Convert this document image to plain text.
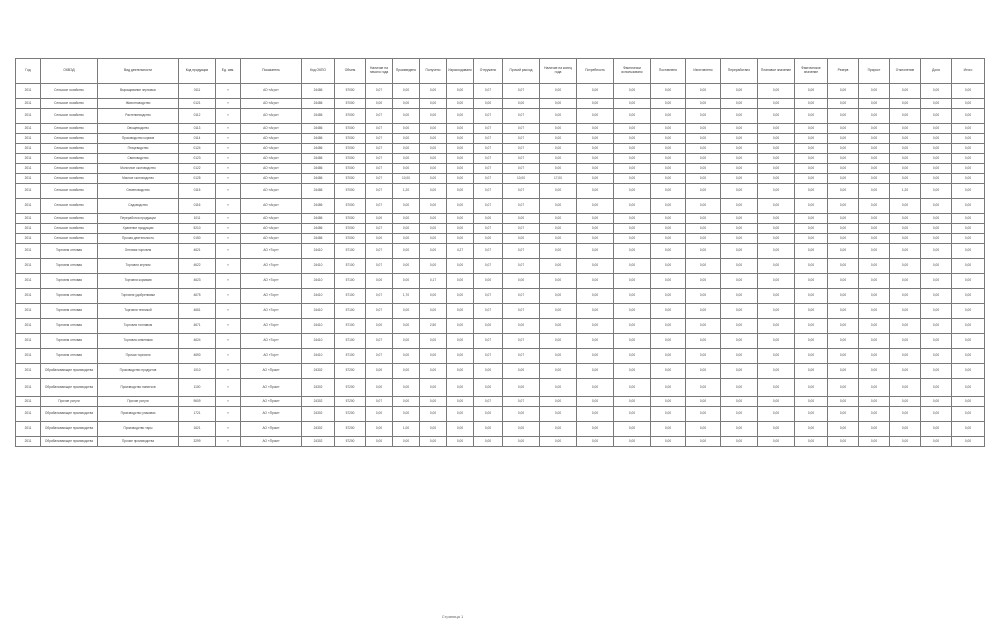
Год	ОКВЭД	Вид деятельности	Код продукции	Ед. изм.	Показатель	Код ОКПО	Объем	Наличие на начало года	Произведено	Получено	Израсходовано	Отгружено	Прочий расход	Наличие на конец года	Потребность	Фактически использовано	Поставлено	Изготовлено	Переработано	Плановое значение	Фактическое значение	Резерв	Прирост	Отклонение	Доля	Итого
2011	Сельское хозяйство	Выращивание зерновых	0111	т	АО «Агро»	24486	57000	0,07	0,00	0,00	0,00	0,07	0,07	0,00	0,00	0,00	0,00	0,00	0,00	0,00	0,00	0,00	0,00	0,00	0,00	0,00
2011	Сельское хозяйство	Животноводство	0121	т	АО «Агро»	24486	57000	0,00	0,00	0,00	0,00	0,00	0,00	0,00	0,00	0,00	0,00	0,00	0,00	0,00	0,00	0,00	0,00	0,00	0,00	0,00
2011	Сельское хозяйство	Растениеводство	0112	т	АО «Агро»	24486	57000	0,07	0,00	0,00	0,00	0,07	0,07	0,00	0,00	0,00	0,00	0,00	0,00	0,00	0,00	0,00	0,00	0,00	0,00	0,00
2011	Сельское хозяйство	Овощеводство	0113	т	АО «Агро»	24486	57000	0,07	0,00	0,00	0,00	0,07	0,07	0,00	0,00	0,00	0,00	0,00	0,00	0,00	0,00	0,00	0,00	0,00	0,00	0,00
2011	Сельское хозяйство	Производство кормов	0114	т	АО «Агро»	24486	57000	0,07	0,00	0,00	0,00	0,07	0,07	0,00	0,00	0,00	0,00	0,00	0,00	0,00	0,00	0,00	0,00	0,00	0,00	0,00
2011	Сельское хозяйство	Птицеводство	0124	т	АО «Агро»	24486	57000	0,07	0,00	0,00	0,00	0,07	0,07	0,00	0,00	0,00	0,00	0,00	0,00	0,00	0,00	0,00	0,00	0,00	0,00	0,00
2011	Сельское хозяйство	Свиноводство	0123	т	АО «Агро»	24486	57000	0,07	0,00	0,00	0,00	0,07	0,07	0,00	0,00	0,00	0,00	0,00	0,00	0,00	0,00	0,00	0,00	0,00	0,00	0,00
2011	Сельское хозяйство	Молочное скотоводство	0122	т	АО «Агро»	24486	57000	0,07	0,00	0,00	0,00	0,07	0,07	0,00	0,00	0,00	0,00	0,00	0,00	0,00	0,00	0,00	0,00	0,00	0,00	0,00
2011	Сельское хозяйство	Мясное скотоводство	0125	т	АО «Агро»	24486	57000	0,07	10,00	0,00	0,00	0,07	10,00	17,00	0,00	0,00	0,00	0,00	0,00	0,00	0,00	0,00	0,00	0,00	0,00	0,00
2011	Сельское хозяйство	Семеноводство	0115	т	АО «Агро»	24486	57000	0,07	1,20	0,00	0,00	0,07	0,07	0,00	0,00	0,00	0,00	0,00	0,00	0,00	0,00	0,00	0,00	1,20	0,00	0,00
2011	Сельское хозяйство	Садоводство	0116	т	АО «Агро»	24486	57000	0,07	0,00	0,00	0,00	0,07	0,07	0,00	0,00	0,00	0,00	0,00	0,00	0,00	0,00	0,00	0,00	0,00	0,00	0,00
2011	Сельское хозяйство	Переработка продукции	1011	т	АО «Агро»	24486	57000	0,00	0,00	0,00	0,00	0,00	0,00	0,00	0,00	0,00	0,00	0,00	0,00	0,00	0,00	0,00	0,00	0,00	0,00	0,00
2011	Сельское хозяйство	Хранение продукции	5210	т	АО «Агро»	24486	57000	0,07	0,00	0,00	0,00	0,07	0,07	0,00	0,00	0,00	0,00	0,00	0,00	0,00	0,00	0,00	0,00	0,00	0,00	0,00
2011	Сельское хозяйство	Прочая деятельность	0150	т	АО «Агро»	24486	57000	0,00	0,00	0,00	0,00	0,00	0,00	0,00	0,00	0,00	0,00	0,00	0,00	0,00	0,00	0,00	0,00	0,00	0,00	0,00
2011	Торговля оптовая	Оптовая торговля	4621	т	АО «Торг»	24410	57100	0,07	0,00	0,00	4,27	0,07	0,07	0,00	0,00	0,00	0,00	0,00	0,00	0,00	0,00	0,00	0,00	0,00	0,00	0,00
2011	Торговля оптовая	Торговля зерном	4622	т	АО «Торг»	24410	57100	0,07	0,00	0,00	0,00	0,07	0,07	0,00	0,00	0,00	0,00	0,00	0,00	0,00	0,00	0,00	0,00	0,00	0,00	0,00
2011	Торговля оптовая	Торговля кормами	4623	т	АО «Торг»	24410	57100	0,00	0,00	0,17	0,00	0,00	0,00	0,00	0,00	0,00	0,00	0,00	0,00	0,00	0,00	0,00	0,00	0,00	0,00	0,00
2011	Торговля оптовая	Торговля удобрениями	4675	т	АО «Торг»	24410	57100	0,07	1,70	0,00	0,00	0,07	0,07	0,00	0,00	0,00	0,00	0,00	0,00	0,00	0,00	0,00	0,00	0,00	0,00	0,00
2011	Торговля оптовая	Торговля техникой	4661	т	АО «Торг»	24410	57100	0,07	0,00	0,00	0,00	0,07	0,07	0,00	0,00	0,00	0,00	0,00	0,00	0,00	0,00	0,00	0,00	0,00	0,00	0,00
2011	Торговля оптовая	Торговля топливом	4671	т	АО «Торг»	24410	57100	0,00	0,00	2,50	0,00	0,00	0,00	0,00	0,00	0,00	0,00	0,00	0,00	0,00	0,00	0,00	0,00	0,00	0,00	0,00
2011	Торговля оптовая	Торговля семенами	4624	т	АО «Торг»	24410	57100	0,07	0,00	0,00	0,00	0,07	0,07	0,00	0,00	0,00	0,00	0,00	0,00	0,00	0,00	0,00	0,00	0,00	0,00	0,00
2011	Торговля оптовая	Прочая торговля	4690	т	АО «Торг»	24410	57100	0,07	0,00	0,00	0,00	0,07	0,07	0,00	0,00	0,00	0,00	0,00	0,00	0,00	0,00	0,00	0,00	0,00	0,00	0,00
2011	Обрабатывающие производства	Производство продуктов	1010	т	АО «Пром»	24302	57200	0,00	0,00	0,00	0,00	0,00	0,00	0,00	0,00	0,00	0,00	0,00	0,00	0,00	0,00	0,00	0,00	0,00	0,00	0,00
2011	Обрабатывающие производства	Производство напитков	1100	т	АО «Пром»	24302	57200	0,00	0,00	0,00	0,00	0,00	0,00	0,00	0,00	0,00	0,00	0,00	0,00	0,00	0,00	0,00	0,00	0,00	0,00	0,00
2011	Прочие услуги	Прочие услуги	9609	т	АО «Пром»	24302	57200	0,07	0,00	0,00	0,00	0,07	0,07	0,00	0,00	0,00	0,00	0,00	0,00	0,00	0,00	0,00	0,00	0,00	0,00	0,00
2011	Обрабатывающие производства	Производство упаковки	1721	т	АО «Пром»	24302	57200	0,00	0,00	0,00	0,00	0,00	0,00	0,00	0,00	0,00	0,00	0,00	0,00	0,00	0,00	0,00	0,00	0,00	0,00	0,00
2011	Обрабатывающие производства	Производство тары	1621	т	АО «Пром»	24302	57200	0,00	1,00	0,00	0,00	0,00	0,00	0,00	0,00	0,00	0,00	0,00	0,00	0,00	0,00	0,00	0,00	0,00	0,00	0,00
2011	Обрабатывающие производства	Прочие производства	3299	т	АО «Пром»	24302	57200	0,00	0,00	0,00	0,00	0,00	0,00	0,00	0,00	0,00	0,00	0,00	0,00	0,00	0,00	0,00	0,00	0,00	0,00	0,00
Страница 1
